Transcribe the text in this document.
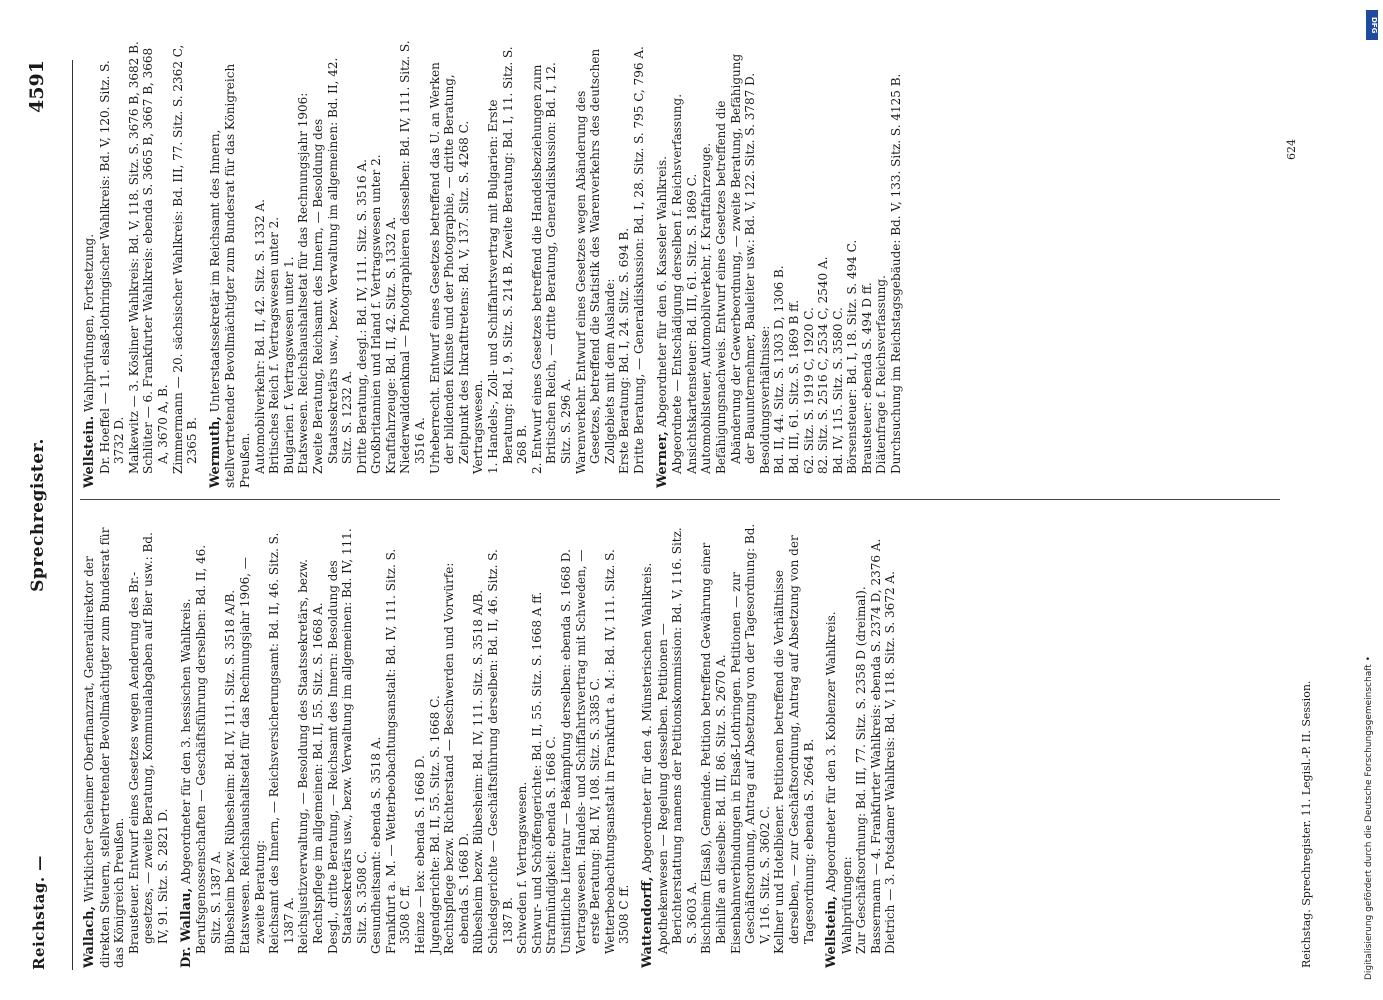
Reichstag. —
Sprechregister.
4591
Wallach, Wirklicher Geheimer Oberfinanzrat, Generaldirektor der direkten Steuern, stellvertretender Bevollmächtigter zum Bundesrat für das Königreich Preußen. Brausteuer. Entwurf eines Gesetzes wegen Aenderung des Br.-gesetzes, — zweite Beratung, Kommunalabgaben auf Bier usw.: Bd. IV, 91. Sitz. S. 2821 D. Dr. Wallau, Abgeordneter für den 3. hessischen Wahlkreis. Berufsgenossenschaften — Geschäftsführung derselben: Bd. II, 46. Sitz. S. 1387 A. Bübesheim bezw. Rübesheim: Bd. IV, 111. Sitz. S. 3518 A/B. Etatswesen. Reichshaushaltsetat für das Rechnungsjahr 1906, — zweite Beratung: Reichsamt des Innern, — Reichsversicherungsamt: Bd. II, 46. Sitz. S. 1387 A. Reichsjustizverwaltung, — Besoldung des Staatssekretärs, bezw. Rechtspflege im allgemeinen: Bd. II, 55. Sitz. S. 1668 A. Desgl., dritte Beratung, — Reichsamt des Innern: Besoldung des Staatssekretärs usw., bezw. Verwaltung im allgemeinen: Bd. IV, 111. Sitz. S. 3508 C. Gesundheitsamt: ebenda S. 3518 A. Frankfurt a. M. — Wetterbeobachtungsanstalt: Bd. IV, 111. Sitz. S. 3508 C ff. Heinze — lex: ebenda S. 1668 D. Jugendgerichte: Bd. II, 55. Sitz. S. 1668 C. Rechtspflege bezw. Richterstand — Beschwerden und Vorwürfe: ebenda S. 1668 D. Rübesheim bezw. Bübesheim: Bd. IV, 111. Sitz. S. 3518 A/B. Schiedsgerichte — Geschäftsführung derselben: Bd. II, 46. Sitz. S. 1387 B. Schweden f. Vertragswesen. Schwur- und Schöffengerichte: Bd. II, 55. Sitz. S. 1668 A ff. Strafmündigkeit: ebenda S. 1668 C. Unsittliche Literatur — Bekämpfung derselben: ebenda S. 1668 D. Vertragswesen. Handels- und Schiffahrtsvertrag mit Schweden, — erste Beratung: Bd. IV, 108. Sitz. S. 3385 C. Wetterbeobachtungsanstalt in Frankfurt a. M.: Bd. IV, 111. Sitz. S. 3508 C ff. Wattendorff, Abgeordneter für den 4. Münsterischen Wahlkreis. Apothekenwesen — Regelung desselben. Petitionen — Berichterstattung namens der Petitionskommission: Bd. V, 116. Sitz. S. 3603 A. Bischheim (Elsaß), Gemeinde. Petition betreffend Gewährung einer Beihilfe an dieselbe: Bd. III, 86. Sitz. S. 2670 A. Eisenbahnverbindungen in Elsaß-Lothringen. Petitionen — zur Geschäftsordnung, Antrag auf Absetzung von der Tagesordnung: Bd. V, 116. Sitz. S. 3602 C. Kellner und Hotelbiener. Petitionen betreffend die Verhältnisse derselben, — zur Geschäftsordnung, Antrag auf Absetzung von der Tagesordnung: ebenda S. 2664 B. Wellstein, Abgeordneter für den 3. Koblenzer Wahlkreis.
Wahlprüfungen: Zur Geschäftsordnung: Bd. III, 77. Sitz. S. 2358 D (dreimal). Bassermann — 4. Frankfurter Wahlkreis: ebenda S. 2374 D, 2376 A. Dietrich — 3. Potsdamer Wahlkreis: Bd. V, 118. Sitz. S. 3672 A.
Wellstein. Wahlprüfungen, Fortsetzung. Dr. Hoeffel — 11. elsaß-lothringischer Wahlkreis: Bd. V, 120. Sitz. S. 3732 D. Malkewitz — 3. Kösliner Wahlkreis: Bd. V, 118. Sitz. S. 3676 B, 3682 B. Schlüter — 6. Frankfurter Wahlkreis: ebenda S. 3665 B, 3667 B, 3668 A, 3670 A, B. Zimmermann — 20. sächsischer Wahlkreis: Bd. III, 77. Sitz. S. 2362 C, 2365 B. Wermuth, Unterstaatssekretär im Reichsamt des Innern, stellvertretender Bevollmächtigter zum Bundesrat für das Königreich Preußen. Automobilverkehr: Bd. II, 42. Sitz. S. 1332 A. Britisches Reich f. Vertragswesen unter 2. Bulgarien f. Vertragswesen unter 1. Etatswesen. Reichshaushaltsetat für das Rechnungsjahr 1906: Zweite Beratung, Reichsamt des Innern, — Besoldung des Staatssekretärs usw., bezw. Verwaltung im allgemeinen: Bd. II, 42. Sitz. S. 1232 A. Dritte Beratung, desgl.: Bd. IV, 111. Sitz. S. 3516 A. Großbritannien und Irland f. Vertragswesen unter 2. Kraftfahrzeuge: Bd. II, 42. Sitz. S. 1332 A. Niederwalddenkmal — Photographieren desselben: Bd. IV, 111. Sitz. S. 3516 A. Urheberrecht. Entwurf eines Gesetzes betreffend das U. an Werken der bildenden Künste und der Photographie, — dritte Beratung, Zeitpunkt des Inkrafttretens: Bd. V, 137. Sitz. S. 4268 C. Vertragswesen. 1. Handels-, Zoll- und Schiffahrtsvertrag mit Bulgarien: Erste Beratung: Bd. I, 9. Sitz. S. 214 B. Zweite Beratung: Bd. I, 11. Sitz. S. 268 B. 2. Entwurf eines Gesetzes betreffend die Handelsbeziehungen zum Britischen Reich, — dritte Beratung, Generaldiskussion: Bd. I, 12. Sitz. S. 296 A. Warenverkehr. Entwurf eines Gesetzes wegen Abänderung des Gesetzes, betreffend die Statistik des Warenverkehrs des deutschen Zollgebiets mit dem Auslande: Erste Beratung: Bd. I, 24. Sitz. S. 694 B. Dritte Beratung, — Generaldiskussion: Bd. I, 28. Sitz. S. 795 C, 796 A. Werner, Abgeordneter für den 6. Kasseler Wahlkreis. Abgeordnete — Entschädigung derselben f. Reichsverfassung. Ansichtskartensteuer: Bd. III, 61. Sitz. S. 1869 C. Automobilsteuer, Automobilverkehr, f. Kraftfahrzeuge. Befähigungsnachweis. Entwurf eines Gesetzes betreffend die Abänderung der Gewerbeordnung, — zweite Beratung, Befähigung der Bauunternehmer, Bauleiter usw.: Bd. V, 122. Sitz. S. 3787 D. Besoldungsverhältnisse: Bd. II, 44. Sitz. S. 1303 D, 1306 B. Bd. III, 61. Sitz. S. 1869 B ff. 62. Sitz. S. 1919 C, 1920 C. 82. Sitz. S. 2516 C, 2534 C, 2540 A. Bd. IV, 115. Sitz. S. 3580 C. Börsensteuer: Bd. I, 18. Sitz. S. 494 C. Brausteuer: ebenda S. 494 D ff. Diätenfrage f. Reichsverfassung. Durchsuchung im Reichstagsgebäude: Bd. V, 133. Sitz. S. 4125 B.
Reichstag. Sprechregister. 11. Legisl.-P. II. Session.
624
Digitalisierung gefördert durch die Deutsche Forschungsgemeinschaft •
DFG
